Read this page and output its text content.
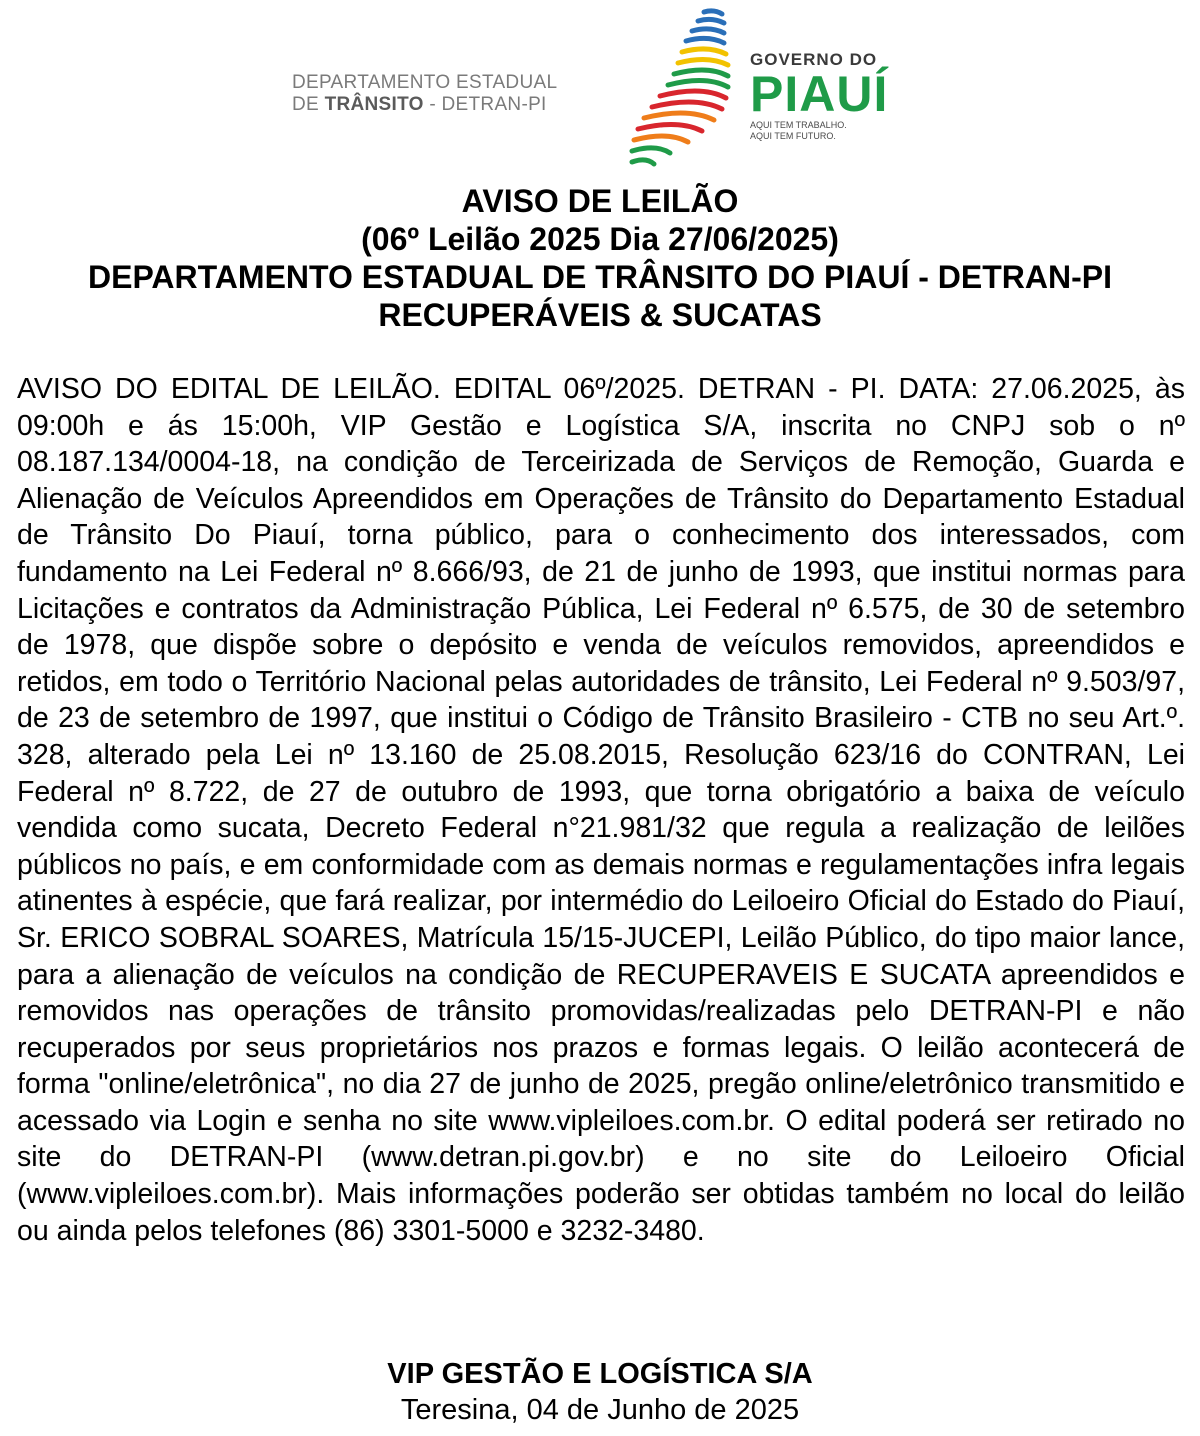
DEPARTAMENTO ESTADUAL
DE TRÂNSITO - DETRAN-PI
GOVERNO DO
PIAUÍ
AQUI TEM TRABALHO.
AQUI TEM FUTURO.
AVISO DE LEILÃO
(06º Leilão 2025 Dia 27/06/2025)
DEPARTAMENTO ESTADUAL DE TRÂNSITO DO PIAUÍ - DETRAN-PI
RECUPERÁVEIS & SUCATAS
AVISO DO EDITAL DE LEILÃO. EDITAL 06º/2025. DETRAN - PI. DATA: 27.06.2025, às 09:00h e ás 15:00h, VIP Gestão e Logística S/A, inscrita no CNPJ sob o nº 08.187.134/0004-18, na condição de Terceirizada de Serviços de Remoção, Guarda e Alienação de Veículos Apreendidos em Operações de Trânsito do Departamento Estadual de Trânsito Do Piauí, torna público, para o conhecimento dos interessados, com fundamento na Lei Federal nº 8.666/93, de 21 de junho de 1993, que institui normas para Licitações e contratos da Administração Pública, Lei Federal nº 6.575, de 30 de setembro de 1978, que dispõe sobre o depósito e venda de veículos removidos, apreendidos e retidos, em todo o Território Nacional pelas autoridades de trânsito, Lei Federal nº 9.503/97, de 23 de setembro de 1997, que institui o Código de Trânsito Brasileiro - CTB no seu Art.º. 328, alterado pela Lei nº 13.160 de 25.08.2015, Resolução 623/16 do CONTRAN, Lei Federal nº 8.722, de 27 de outubro de 1993, que torna obrigatório a baixa de veículo vendida como sucata, Decreto Federal n°21.981/32 que regula a realização de leilões públicos no país, e em conformidade com as demais normas e regulamentações infra legais atinentes à espécie, que fará realizar, por intermédio do Leiloeiro Oficial do Estado do Piauí, Sr. ERICO SOBRAL SOARES, Matrícula 15/15-JUCEPI, Leilão Público, do tipo maior lance, para a alienação de veículos na condição de RECUPERAVEIS E SUCATA apreendidos e removidos nas operações de trânsito promovidas/realizadas pelo DETRAN-PI e não recuperados por seus proprietários nos prazos e formas legais. O leilão acontecerá de forma "online/eletrônica", no dia 27 de junho de 2025, pregão online/eletrônico transmitido e acessado via Login e senha no site www.vipleiloes.com.br. O edital poderá ser retirado no site do DETRAN-PI (www.detran.pi.gov.br) e no site do Leiloeiro Oficial (www.vipleiloes.com.br). Mais informações poderão ser obtidas também no local do leilão ou ainda pelos telefones (86) 3301-5000 e 3232-3480.
VIP GESTÃO E LOGÍSTICA S/A
Teresina, 04 de Junho de 2025
